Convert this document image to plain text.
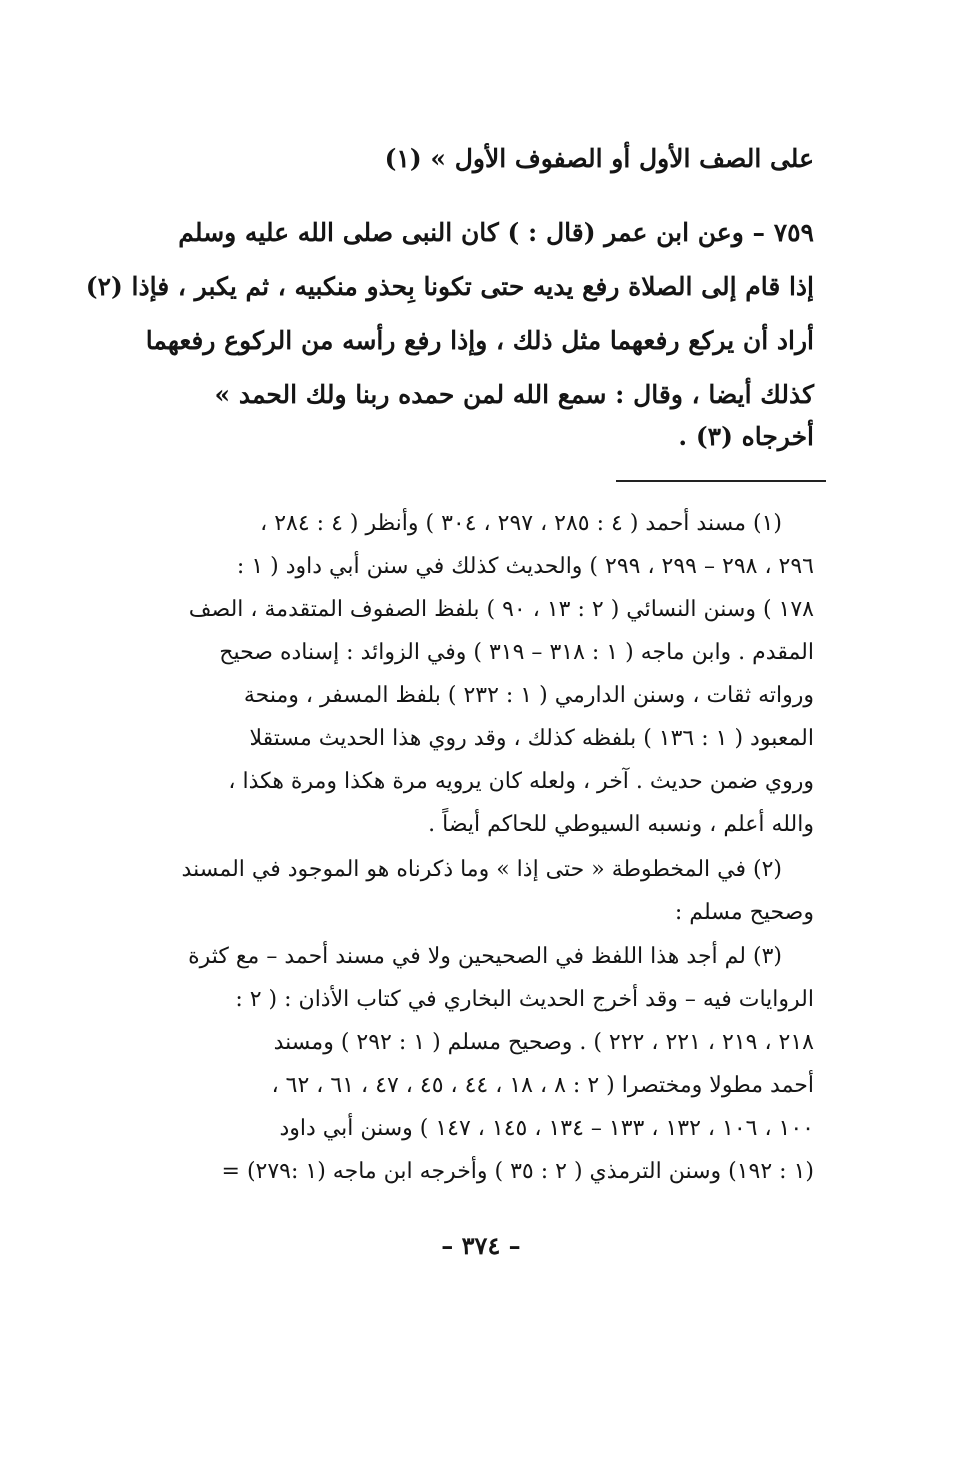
على الصف الأول أو الصفوف الأول » (١)
٧٥٩ – وعن ابن عمر (قال : ) كان النبى صلى الله عليه وسلم
إذا قام إلى الصلاة رفع يديه حتى تكونا بِحذو منكبيه ، ثم يكبر ، فإذا (٢)
أراد أن يركع رفعهما مثل ذلك ، وإذا رفع رأسه من الركوع رفعهما
كذلك أيضا ، وقال : سمع الله لمن حمده ربنا ولك الحمد »
أخرجاه (٣) .
(١) مسند أحمد ( ٤ : ٢٨٥ ، ٢٩٧ ، ٣٠٤ ) وأنظر ( ٤ : ٢٨٤ ،
٢٩٦ ، ٢٩٨ – ٢٩٩ ، ٢٩٩ ) والحديث كذلك في سنن أبي داود ( ١ :
١٧٨ ) وسنن النسائي ( ٢ : ١٣ ، ٩٠ ) بلفظ الصفوف المتقدمة ، الصف
المقدم . وابن ماجه ( ١ : ٣١٨ – ٣١٩ ) وفي الزوائد : إسناده صحيح
ورواته ثقات ، وسنن الدارمي ( ١ : ٢٣٢ ) بلفظ المسفر ، ومنحة
المعبود ( ١ : ١٣٦ ) بلفظه كذلك ، وقد روي هذا الحديث مستقلا
وروي ضمن حديث . آخر ، ولعله كان يرويه مرة هكذا ومرة هكذا ،
والله أعلم ، ونسبه السيوطي للحاكم أيضاً .
(٢) في المخطوطة « حتى إذا » وما ذكرناه هو الموجود في المسند
وصحيح مسلم :
(٣) لم أجد هذا اللفظ في الصحيحين ولا في مسند أحمد – مع كثرة
الروايات فيه – وقد أخرج الحديث البخاري في كتاب الأذان : ( ٢ :
٢١٨ ، ٢١٩ ، ٢٢١ ، ٢٢٢ ) . وصحيح مسلم ( ١ : ٢٩٢ ) ومسند
أحمد مطولا ومختصرا ( ٢ : ٨ ، ١٨ ، ٤٤ ، ٤٥ ، ٤٧ ، ٦١ ، ٦٢ ،
١٠٠ ، ١٠٦ ، ١٣٢ ، ١٣٣ – ١٣٤ ، ١٤٥ ، ١٤٧ ) وسنن أبي داود
(١ : ١٩٢) وسنن الترمذي ( ٢ : ٣٥ ) وأخرجه ابن ماجه (١ :٢٧٩) =
– ٣٧٤ –
